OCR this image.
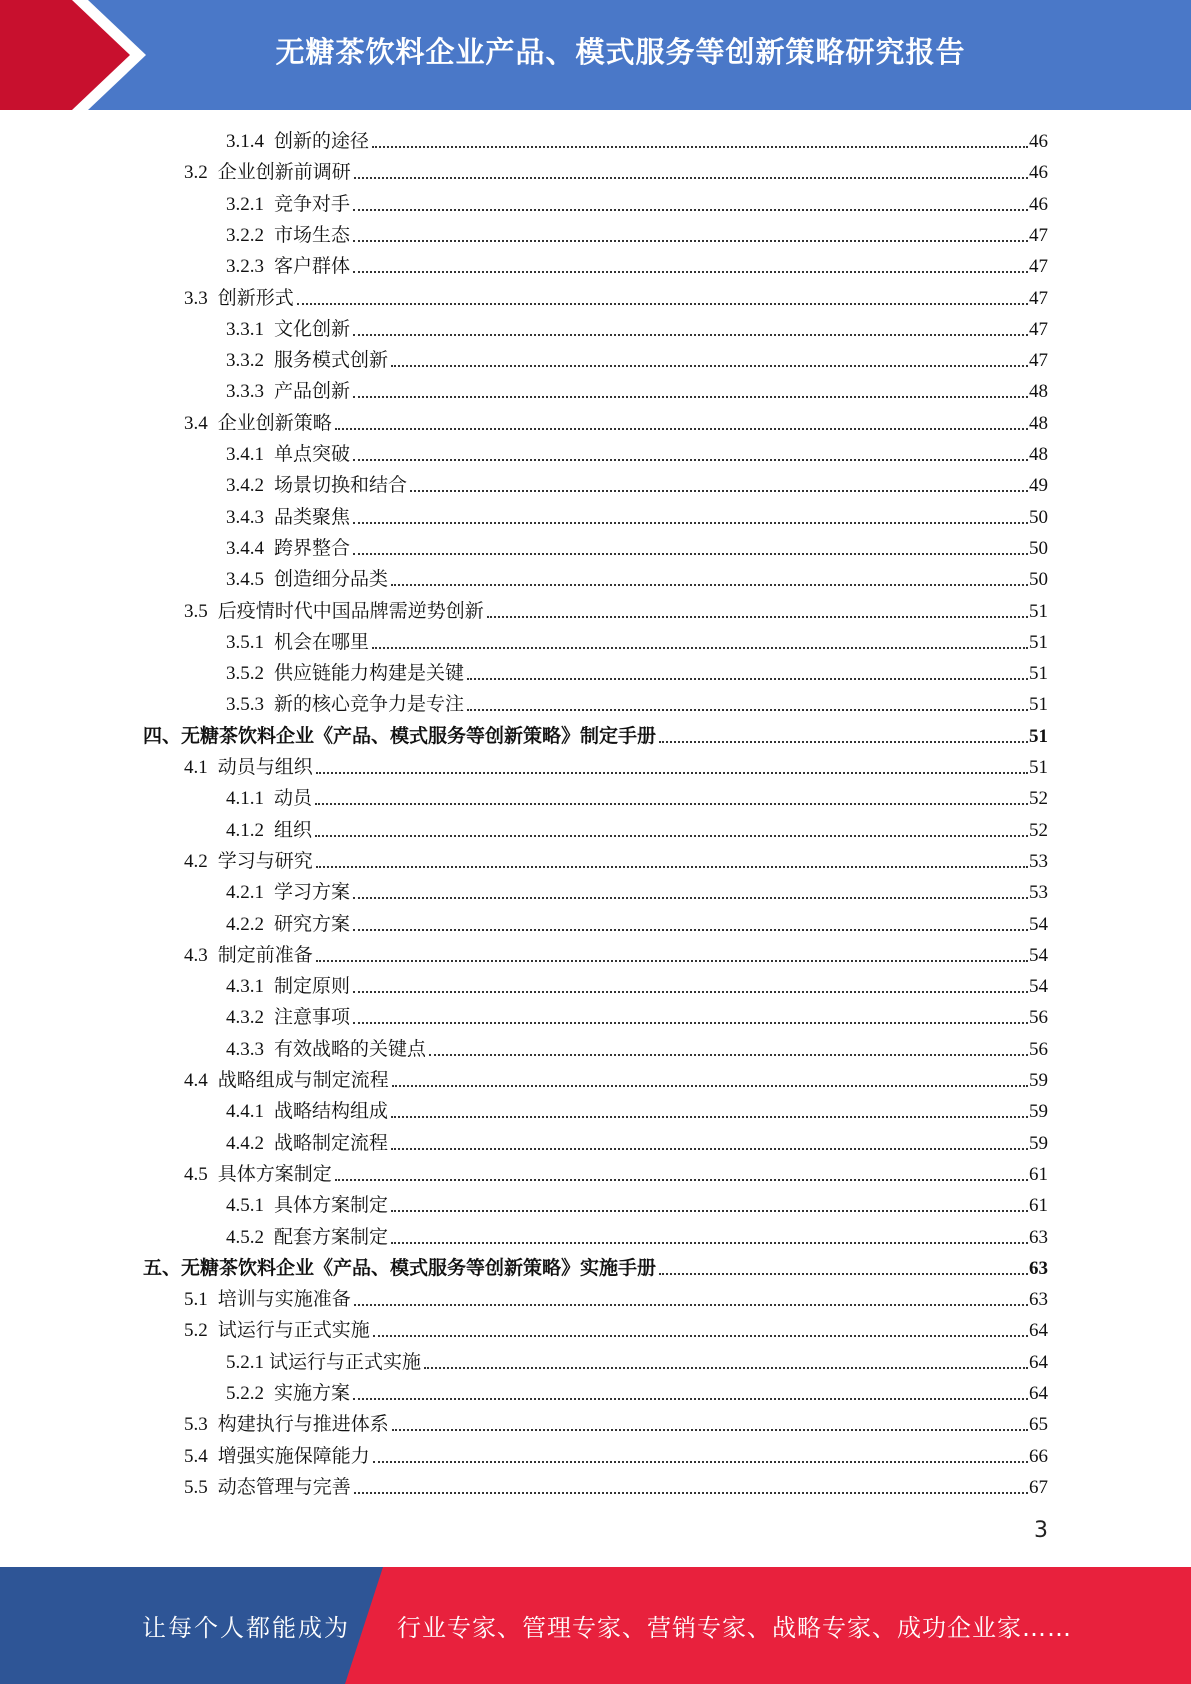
无糖茶饮料企业产品、模式服务等创新策略研究报告
3.1.4 创新的途径	46
3.2 企业创新前调研	46
3.2.1 竞争对手	46
3.2.2 市场生态	47
3.2.3 客户群体	47
3.3 创新形式	47
3.3.1 文化创新	47
3.3.2 服务模式创新	47
3.3.3 产品创新	48
3.4 企业创新策略	48
3.4.1 单点突破	48
3.4.2 场景切换和结合	49
3.4.3 品类聚焦	50
3.4.4 跨界整合	50
3.4.5 创造细分品类	50
3.5 后疫情时代中国品牌需逆势创新	51
3.5.1 机会在哪里	51
3.5.2 供应链能力构建是关键	51
3.5.3 新的核心竞争力是专注	51
四、无糖茶饮料企业《产品、模式服务等创新策略》制定手册	51
4.1 动员与组织	51
4.1.1 动员	52
4.1.2 组织	52
4.2 学习与研究	53
4.2.1 学习方案	53
4.2.2 研究方案	54
4.3 制定前准备	54
4.3.1 制定原则	54
4.3.2 注意事项	56
4.3.3 有效战略的关键点	56
4.4 战略组成与制定流程	59
4.4.1 战略结构组成	59
4.4.2 战略制定流程	59
4.5 具体方案制定	61
4.5.1 具体方案制定	61
4.5.2 配套方案制定	63
五、无糖茶饮料企业《产品、模式服务等创新策略》实施手册	63
5.1 培训与实施准备	63
5.2 试运行与正式实施	64
5.2.1 试运行与正式实施	64
5.2.2 实施方案	64
5.3 构建执行与推进体系	65
5.4 增强实施保障能力	66
5.5 动态管理与完善	67
3
让每个人都能成为 行业专家、管理专家、营销专家、战略专家、成功企业家……
